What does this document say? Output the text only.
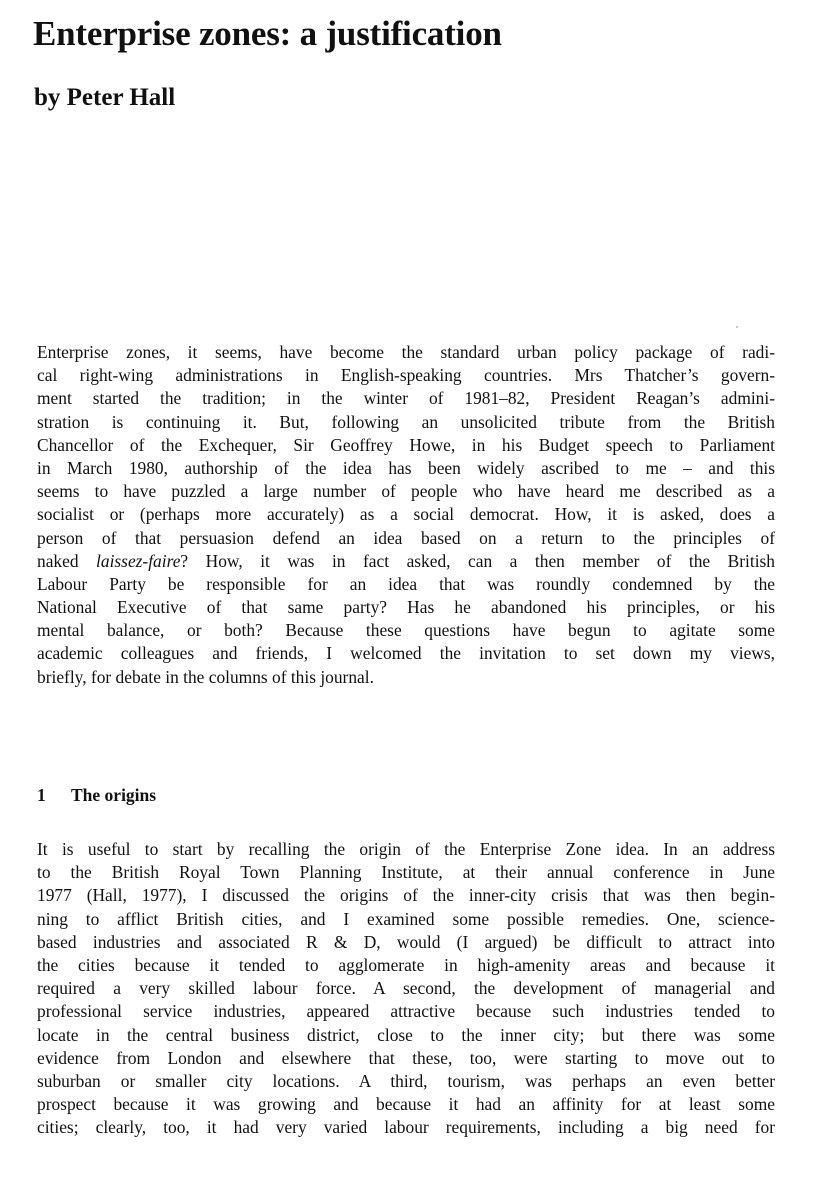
Enterprise zones: a justification
by Peter Hall
Enterprise zones, it seems, have become the standard urban policy package of radi-
cal right-wing administrations in English-speaking countries. Mrs Thatcher’s govern-
ment started the tradition; in the winter of 1981–82, President Reagan’s admini-
stration is continuing it. But, following an unsolicited tribute from the British
Chancellor of the Exchequer, Sir Geoffrey Howe, in his Budget speech to Parliament
in March 1980, authorship of the idea has been widely ascribed to me – and this
seems to have puzzled a large number of people who have heard me described as a
socialist or (perhaps more accurately) as a social democrat. How, it is asked, does a
person of that persuasion defend an idea based on a return to the principles of
naked laissez-faire? How, it was in fact asked, can a then member of the British
Labour Party be responsible for an idea that was roundly condemned by the
National Executive of that same party? Has he abandoned his principles, or his
mental balance, or both? Because these questions have begun to agitate some
academic colleagues and friends, I welcomed the invitation to set down my views,
briefly, for debate in the columns of this journal.
1 The origins
It is useful to start by recalling the origin of the Enterprise Zone idea. In an address
to the British Royal Town Planning Institute, at their annual conference in June
1977 (Hall, 1977), I discussed the origins of the inner-city crisis that was then begin-
ning to afflict British cities, and I examined some possible remedies. One, science-
based industries and associated R & D, would (I argued) be difficult to attract into
the cities because it tended to agglomerate in high-amenity areas and because it
required a very skilled labour force. A second, the development of managerial and
professional service industries, appeared attractive because such industries tended to
locate in the central business district, close to the inner city; but there was some
evidence from London and elsewhere that these, too, were starting to move out to
suburban or smaller city locations. A third, tourism, was perhaps an even better
prospect because it was growing and because it had an affinity for at least some
cities; clearly, too, it had very varied labour requirements, including a big need for
